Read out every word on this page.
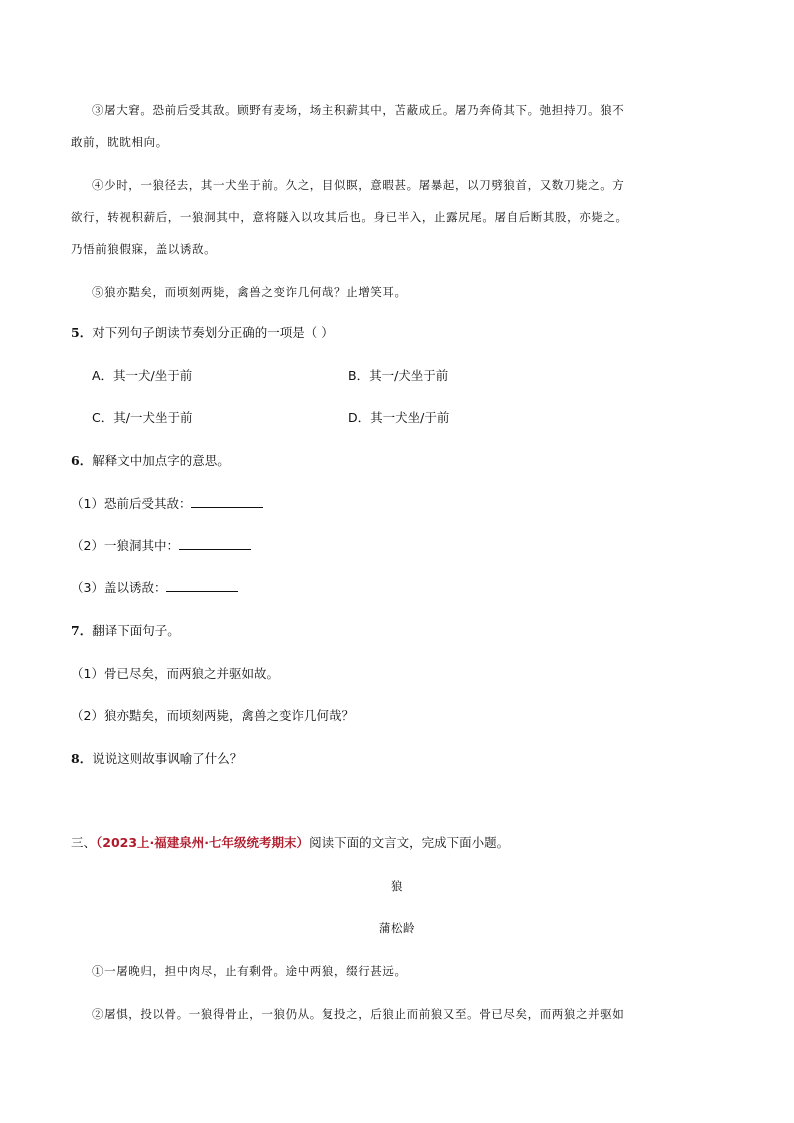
③屠大窘。恐前后受其敌。顾野有麦场，场主积薪其中，苫蔽成丘。屠乃奔倚其下。弛担持刀。狼不
敢前，眈眈相向。
④少时，一狼径去，其一犬坐于前。久之，目似瞑，意暇甚。屠暴起，以刀劈狼首，又数刀毙之。方
欲行，转视积薪后，一狼洞其中，意将隧入以攻其后也。身已半入，止露尻尾。屠自后断其股，亦毙之。
乃悟前狼假寐，盖以诱敌。
⑤狼亦黠矣，而顷刻两毙，禽兽之变诈几何哉？止增笑耳。
5．对下列句子朗读节奏划分正确的一项是（ ）
A．其一犬/坐于前	B．其一/犬坐于前
C．其/一犬坐于前	D．其一犬坐/于前
6．解释文中加点字的意思。
（1）恐前后受其敌：
（2）一狼洞其中：
（3）盖以诱敌：
7．翻译下面句子。
（1）骨已尽矣，而两狼之并驱如故。
（2）狼亦黠矣，而顷刻两毙，禽兽之变诈几何哉？
8．说说这则故事讽喻了什么？
三、（2023上·福建泉州·七年级统考期末）阅读下面的文言文，完成下面小题。
狼
蒲松龄
①一屠晚归，担中肉尽，止有剩骨。途中两狼，缀行甚远。
②屠惧，投以骨。一狼得骨止，一狼仍从。复投之，后狼止而前狼又至。骨已尽矣，而两狼之并驱如
